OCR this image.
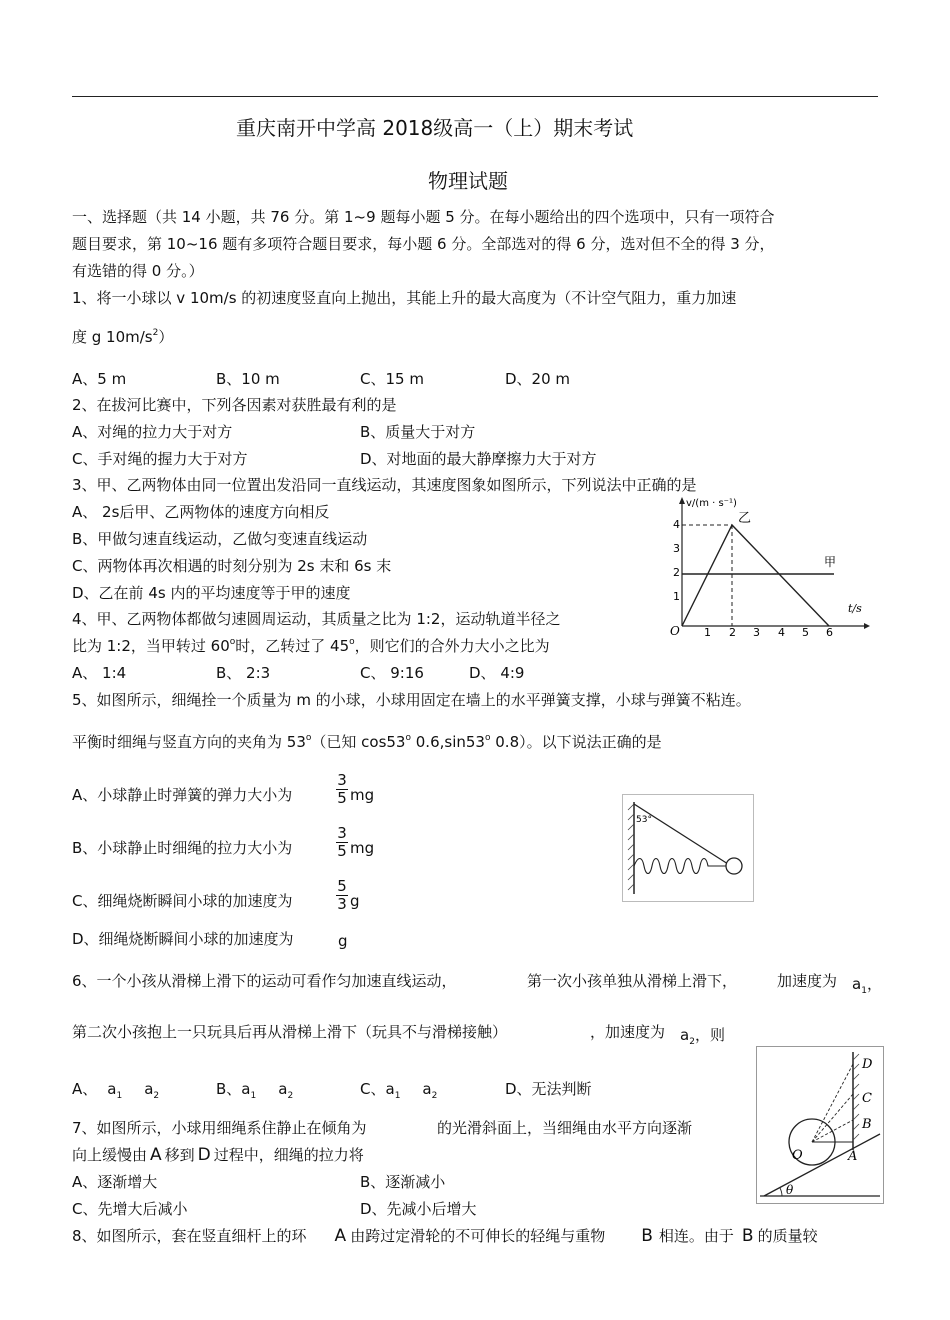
重庆南开中学高 2018级高一（上）期末考试
物理试题
一、选择题（共 14 小题，共 76 分。第 1~9 题每小题 5 分。在每小题给出的四个选项中，只有一项符合
题目要求，第 10~16 题有多项符合题目要求，每小题 6 分。全部选对的得 6 分，选对但不全的得 3 分，
有选错的得 0 分。）
1、将一小球以 v 10m/s 的初速度竖直向上抛出，其能上升的最大高度为（不计空气阻力，重力加速
度 g $10m/s^2$）
A、5 m	B、10 m	C、15 m	D、20 m
2、在拔河比赛中，下列各因素对获胜最有利的是
A、对绳的拉力大于对方	B、质量大于对方
C、手对绳的握力大于对方	D、对地面的最大静摩擦力大于对方
3、甲、乙两物体由同一位置出发沿同一直线运动，其速度图象如图所示，下列说法中正确的是
A、 2s后甲、乙两物体的速度方向相反
B、甲做匀速直线运动，乙做匀变速直线运动
C、两物体再次相遇的时刻分别为 2s 末和 6s 末
D、乙在前 4s 内的平均速度等于甲的速度
v/(m · s⁻¹)
t/s
O
1
2
3
4
1 2 3 4 5 6
乙
甲
4、甲、乙两物体都做匀速圆周运动，其质量之比为 1:2，运动轨道半径之
比为 1:2，当甲转过 60$^o$时，乙转过了 45$^o$，则它们的合外力大小之比为
A、 1:4	B、 2:3	C、 9:16	D、 4:9
5、如图所示，细绳拴一个质量为 m 的小球，小球用固定在墙上的水平弹簧支撑，小球与弹簧不粘连。
平衡时细绳与竖直方向的夹角为 53$^o$（已知 cos53$^o$ 0.6,sin53$^o$ 0.8）。以下说法正确的是
A、小球静止时弹簧的弹力大小为
3
5 mg
B、小球静止时细绳的拉力大小为
3
5 mg
C、细绳烧断瞬间小球的加速度为
5
3 g
D、细绳烧断瞬间小球的加速度为	g
53°
6、一个小孩从滑梯上滑下的运动可看作匀加速直线运动，	第一次小孩单独从滑梯上滑下，	加速度为 $a_1$，
第二次小孩抱上一只玩具后再从滑梯上滑下（玩具不与滑梯接触）	，加速度为 $a_2$，则
A、 $a_1$ $a_2$	B、$a_1$ $a_2$	C、$a_1$ $a_2$	D、无法判断
7、如图所示，小球用细绳系住静止在倾角为	的光滑斜面上，当细绳由水平方向逐渐
向上缓慢由 A 移到 D 过程中，细绳的拉力将
A、逐渐增大	B、逐渐减小
C、先增大后减小	D、先减小后增大
θ
O
D
C
B
A
8、如图所示，套在竖直细杆上的环 A 由跨过定滑轮的不可伸长的轻绳与重物 B 相连。由于 B 的质量较
